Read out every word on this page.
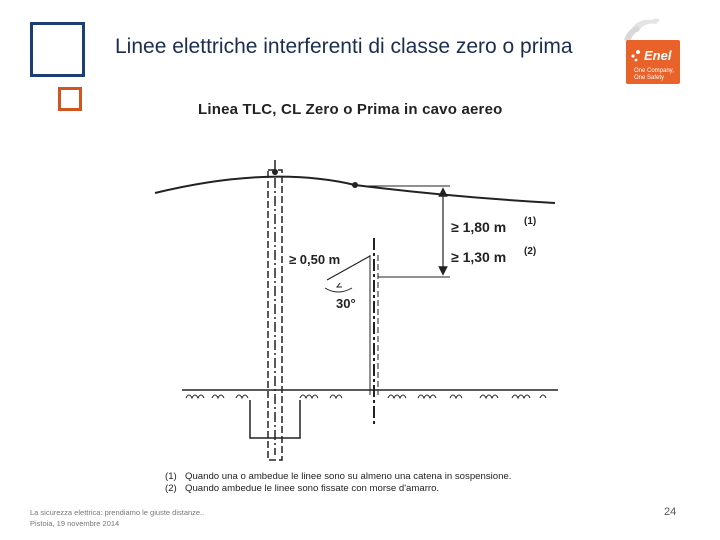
Linee elettriche interferenti di classe zero o prima	Enel
One Company,
One Safety
Linea TLC, CL Zero o Prima in cavo aereo
≥ 0,50 m
30°
≥ 1,80 m (1)
≥ 1,30 m (2)
(1) Quando una o ambedue le linee sono su almeno una catena in sospensione.
(2) Quando ambedue le linee sono fissate con morse d'amarro.
La sicurezza elettrica: prendiamo le giuste distanze..
Pistoia, 19 novembre 2014
24
